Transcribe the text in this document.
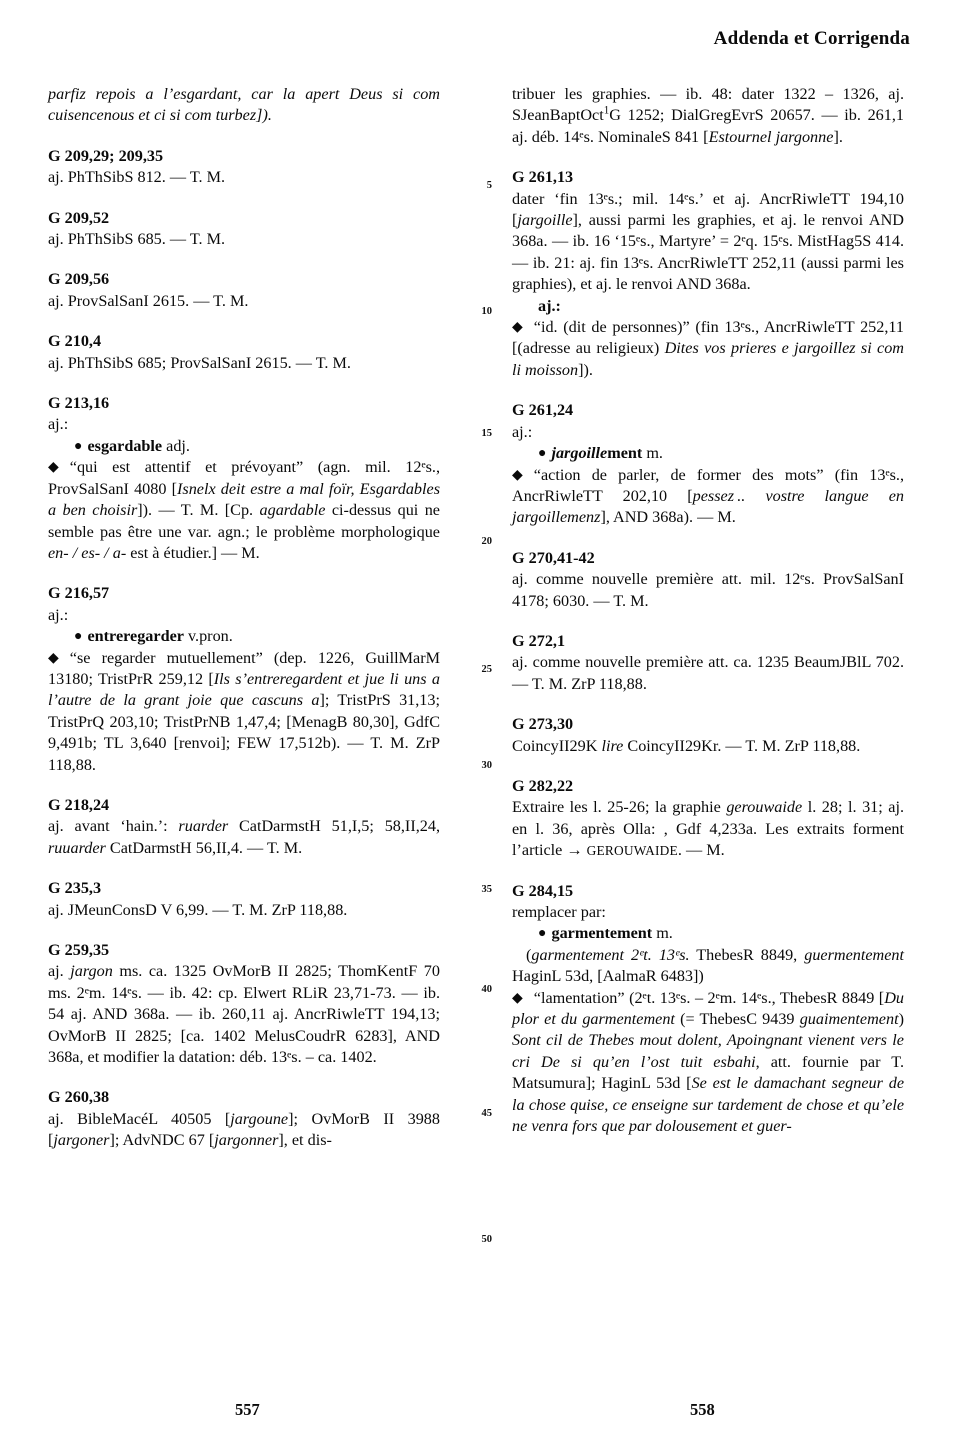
Addenda et Corrigenda

parfiz repois a l’esgardant, car la apert Deus si com cuisencenous et ci si com turbez]).

G 209,29; 209,35

aj. PhThSibS 812. — T. M.

G 209,52

aj. PhThSibS 685. — T. M.

G 209,56

aj. ProvSalSanI 2615. — T. M.

G 210,4

aj. PhThSibS 685; ProvSalSanI 2615. — T. M.

G 213,16

aj.:

● esgardable adj.

◆ “qui est attentif et prévoyant” (agn. mil. 12ᵉs., ProvSalSanI 4080 [Isnelx deit estre a mal foïr, Esgardables a ben choisir]). — T. M. [Cp. agardable ci-dessus qui ne semble pas être une var. agn.; le problème morphologique en- / es- / a- est à étudier.] — M.

G 216,57

aj.:

● entreregarder v.pron.

◆ “se regarder mutuellement” (dep. 1226, GuillMarM 13180; TristPrR 259,12 [Ils s’entreregardent et jue li uns a l’autre de la grant joie que cascuns a]; TristPrS 31,13; TristPrQ 203,10; TristPrNB 1,47,4; [MenagB 80,30], GdfC 9,491b; TL 3,640 [renvoi]; FEW 17,512b). — T. M. ZrP 118,88.

G 218,24

aj. avant ‘hain.’: ruarder CatDarmstH 51,I,5; 58,II,24, ruuarder CatDarmstH 56,II,4. — T. M.

G 235,3

aj. JMeunConsD V 6,99. — T. M. ZrP 118,88.

G 259,35

aj. jargon ms. ca. 1325 OvMorB II 2825; ThomKentF 70 ms. 2ᵉm. 14ᵉs. — ib. 42: cp. Elwert RLiR 23,71-73. — ib. 54 aj. AND 368a. — ib. 260,11 aj. AncrRiwleTT 194,13; OvMorB II 2825; [ca. 1402 MelusCoudrR 6283], AND 368a, et modifier la datation: déb. 13ᵉs. – ca. 1402.

G 260,38

aj. BibleMacéL 40505 [jargoune]; OvMorB II 3988 [jargoner]; AdvNDC 67 [jargonner], et dis-

tribuer les graphies. — ib. 48: dater 1322 – 1326, aj. SJeanBaptOct$^1$G 1252; DialGregEvrS 20657. — ib. 261,1 aj. déb. 14ᵉs. NominaleS 841 [Estournel jargonne].

G 261,13

dater ‘fin 13ᵉs.; mil. 14ᵉs.’ et aj. AncrRiwleTT 194,10 [jargoille], aussi parmi les graphies, et aj. le renvoi AND 368a. — ib. 16 ‘15ᵉs., Martyre’ = 2ᵉq. 15ᵉs. MistHag5S 414. — ib. 21: aj. fin 13ᵉs. AncrRiwleTT 252,11 (aussi parmi les graphies), et aj. le renvoi AND 368a.

aj.:

◆ “id. (dit de personnes)” (fin 13ᵉs., AncrRiwleTT 252,11 [(adresse au religieux) Dites vos prieres e jargoillez si com li moisson]).

G 261,24

aj.:

● jargoillement m.

◆ “action de parler, de former des mots” (fin 13ᵉs., AncrRiwleTT 202,10 [pessez .. vostre langue en jargoillemenz], AND 368a). — M.

G 270,41-42

aj. comme nouvelle première att. mil. 12ᵉs. ProvSalSanI 4178; 6030. — T. M.

G 272,1

aj. comme nouvelle première att. ca. 1235 BeaumJBlL 702. — T. M. ZrP 118,88.

G 273,30

CoincyII29K lire CoincyII29Kr. — T. M. ZrP 118,88.

G 282,22

Extraire les l. 25-26; la graphie gerouwaide l. 28; l. 31; aj. en l. 36, après Olla: , Gdf 4,233a. Les extraits forment l’article → GEROUWAIDE. — M.

G 284,15

remplacer par:

● garmentement m.

(garmentement 2ᵉt. 13ᵉs. ThebesR 8849, guermentement HaginL 53d, [AalmaR 6483])

◆ “lamentation” (2ᵉt. 13ᵉs. – 2ᵉm. 14ᵉs., ThebesR 8849 [Du plor et du garmentement (= ThebesC 9439 guaimentement) Sont cil de Thebes mout dolent, Apoingnant vienent vers le cri De si qu’en l’ost tuit esbahi, att. fournie par T. Matsumura]; HaginL 53d [Se est le damachant segneur de la chose quise, ce enseigne sur tardement de chose et qu’ele ne venra fors que par dolousement et guer-

5
10
15
20
25
30
35
40
45
50
557	558
